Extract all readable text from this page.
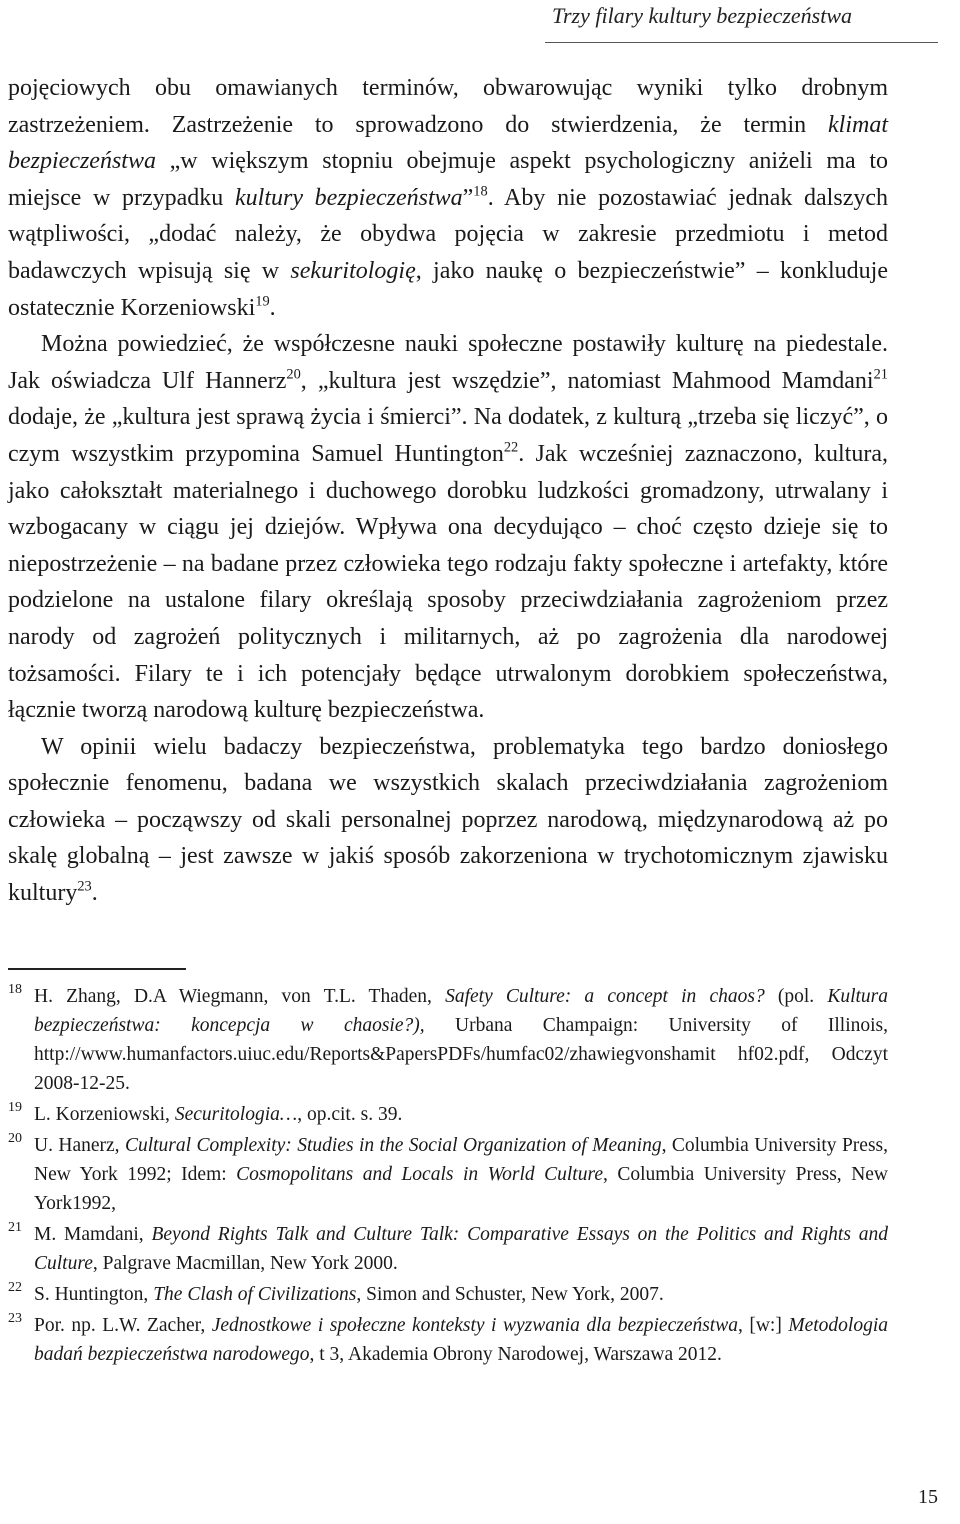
Trzy filary kultury bezpieczeństwa

pojęciowych obu omawianych terminów, obwarowując wyniki tylko drobnym zastrzeżeniem. Zastrzeżenie to sprowadzono do stwierdzenia, że termin klimat bezpieczeństwa „w większym stopniu obejmuje aspekt psychologiczny aniżeli ma to miejsce w przypadku kultury bezpieczeństwa”$^{18}$. Aby nie pozostawiać jednak dalszych wątpliwości, „dodać należy, że obydwa pojęcia w zakresie przedmiotu i metod badawczych wpisują się w sekuritologię, jako naukę o bezpieczeństwie” ‒ konkluduje ostatecznie Korzeniowski$^{19}$.

Można powiedzieć, że współczesne nauki społeczne postawiły kulturę na piedestale. Jak oświadcza Ulf Hannerz$^{20}$, „kultura jest wszędzie”, natomiast Mahmood Mamdani$^{21}$ dodaje, że „kultura jest sprawą życia i śmierci”. Na dodatek, z kulturą „trzeba się liczyć”, o czym wszystkim przypomina Samuel Huntington$^{22}$. Jak wcześniej zaznaczono, kultura, jako całokształt materialnego i duchowego dorobku ludzkości gromadzony, utrwalany i wzbogacany w ciągu jej dziejów. Wpływa ona decydująco ‒ choć często dzieje się to niepostrzeżenie ‒ na badane przez człowieka tego rodzaju fakty społeczne i artefakty, które podzielone na ustalone filary określają sposoby przeciwdziałania zagrożeniom przez narody od zagrożeń politycznych i militarnych, aż po zagrożenia dla narodowej tożsamości. Filary te i ich potencjały będące utrwalonym dorobkiem społeczeństwa, łącznie tworzą narodową kulturę bezpieczeństwa.

W opinii wielu badaczy bezpieczeństwa, problematyka tego bardzo doniosłego społecznie fenomenu, badana we wszystkich skalach przeciwdziałania zagrożeniom człowieka ‒ począwszy od skali personalnej poprzez narodową, międzynarodową aż po skalę globalną ‒ jest zawsze w jakiś sposób zakorzeniona w trychotomicznym zjawisku kultury$^{23}$.

18 H. Zhang, D.A Wiegmann, von T.L. Thaden, Safety Culture: a concept in chaos? (pol. Kultura bezpieczeństwa: koncepcja w chaosie?), Urbana Champaign: University of Illinois, http://www.humanfactors.uiuc.edu/Reports&PapersPDFs/humfac02/zhawiegvonshamit hf02.pdf, Odczyt 2008-12-25.
19 L. Korzeniowski, Securitologia…, op.cit. s. 39.
20 U. Hanerz, Cultural Complexity: Studies in the Social Organization of Meaning, Columbia University Press, New York 1992; Idem: Cosmopolitans and Locals in World Culture, Columbia University Press, New York1992,
21 M. Mamdani, Beyond Rights Talk and Culture Talk: Comparative Essays on the Politics and Rights and Culture, Palgrave Macmillan, New York 2000.
22 S. Huntington, The Clash of Civilizations, Simon and Schuster, New York, 2007.
23 Por. np. L.W. Zacher, Jednostkowe i społeczne konteksty i wyzwania dla bezpieczeństwa, [w:] Metodologia badań bezpieczeństwa narodowego, t 3, Akademia Obrony Narodowej, Warszawa 2012.
15
